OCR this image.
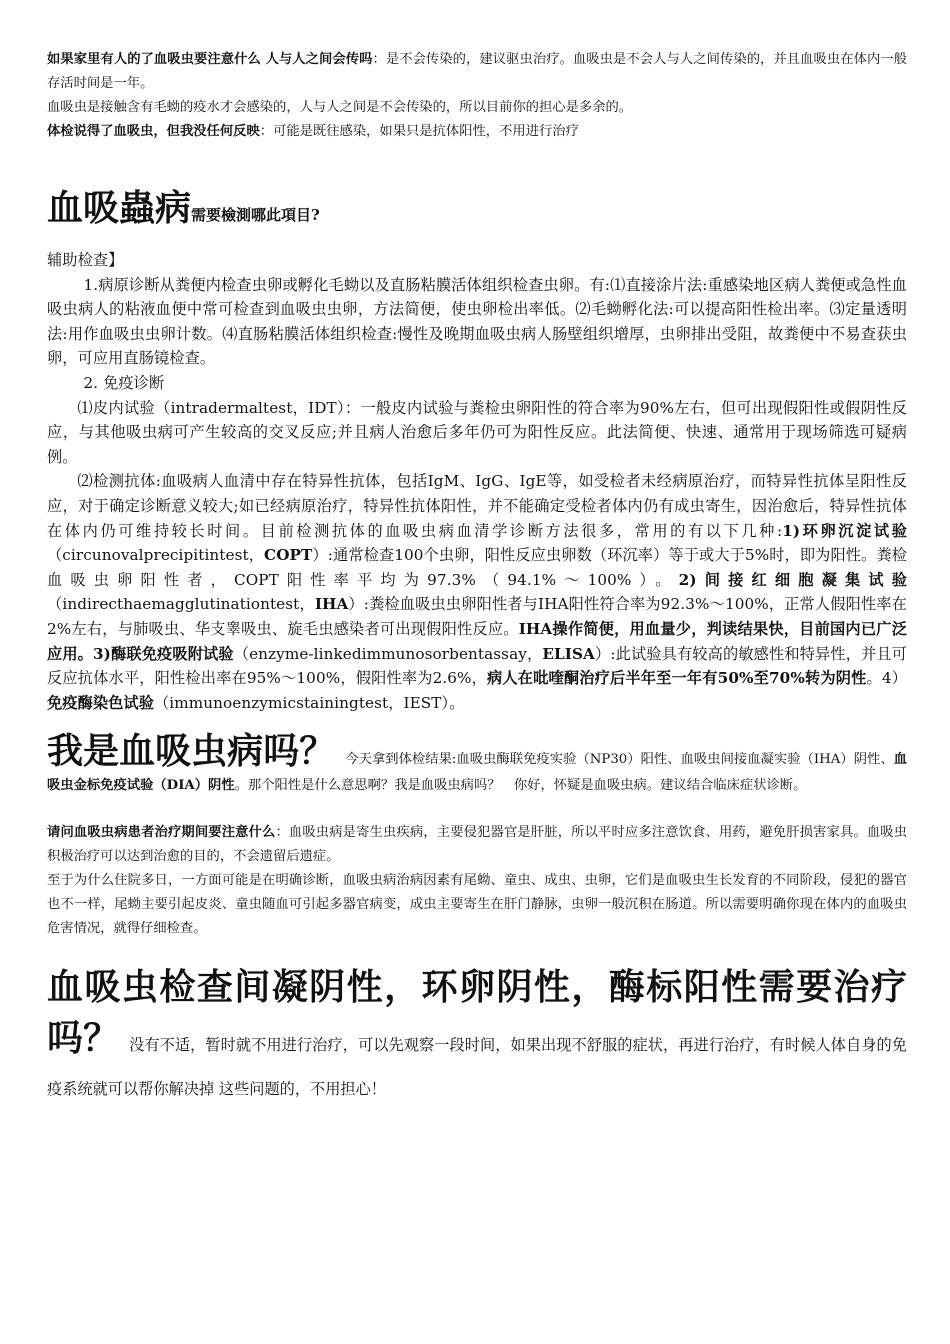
如果家里有人的了血吸虫要注意什么 人与人之间会传吗：是不会传染的，建议驱虫治疗。血吸虫是不会人与人之间传染的，并且血吸虫在体内一般存活时间是一年。

血吸虫是接触含有毛蚴的疫水才会感染的，人与人之间是不会传染的，所以目前你的担心是多余的。

体检说得了血吸虫，但我没任何反映：可能是既往感染，如果只是抗体阳性，不用进行治疗

血吸蟲病需要檢測哪此項目?

辅助检查】

1.病原诊断从粪便内检查虫卵或孵化毛蚴以及直肠粘膜活体组织检查虫卵。有:⑴直接涂片法:重感染地区病人粪便或急性血吸虫病人的粘液血便中常可检查到血吸虫虫卵，方法简便，使虫卵检出率低。⑵毛蚴孵化法:可以提高阳性检出率。⑶定量透明法:用作血吸虫虫卵计数。⑷直肠粘膜活体组织检查:慢性及晚期血吸虫病人肠壁组织增厚，虫卵排出受阻，故粪便中不易查获虫卵，可应用直肠镜检查。

2. 免疫诊断

⑴皮内试验（intradermaltest，IDT）：一般皮内试验与粪检虫卵阳性的符合率为90%左右，但可出现假阳性或假阴性反应，与其他吸虫病可产生较高的交叉反应;并且病人治愈后多年仍可为阳性反应。此法简便、快速、通常用于现场筛选可疑病例。

⑵检测抗体:血吸病人血清中存在特异性抗体，包括IgM、IgG、IgE等，如受检者未经病原治疗，而特异性抗体呈阳性反应，对于确定诊断意义较大;如已经病原治疗，特异性抗体阳性，并不能确定受检者体内仍有成虫寄生，因治愈后，特异性抗体在体内仍可维持较长时间。目前检测抗体的血吸虫病血清学诊断方法很多，常用的有以下几种:1)环卵沉淀试验（circunovalprecipitintest，COPT）:通常检查100个虫卵，阳性反应虫卵数（环沉率）等于或大于5%时，即为阳性。粪检血吸虫卵阳性者，COPT阳性率平均为97.3%（94.1%～100%）。2)间接红细胞凝集试验（indirecthaemagglutinationtest，IHA）:粪检血吸虫虫卵阳性者与IHA阳性符合率为92.3%～100%，正常人假阳性率在2%左右，与肺吸虫、华支睾吸虫、旋毛虫感染者可出现假阳性反应。IHA操作简便，用血量少，判读结果快，目前国内已广泛应用。3)酶联免疫吸附试验（enzyme-linkedimmunosorbentassay，ELISA）:此试验具有较高的敏感性和特异性，并且可反应抗体水平，阳性检出率在95%～100%，假阳性率为2.6%，病人在吡喹酮治疗后半年至一年有50%至70%转为阴性。4）免疫酶染色试验（immunoenzymicstainingtest，IEST）。

我是血吸虫病吗？ 今天拿到体检结果:血吸虫酶联免疫实验（NP30）阳性、血吸虫间接血凝实验（IHA）阴性、血吸虫金标免疫试验（DIA）阴性。那个阳性是什么意思啊？我是血吸虫病吗？　你好，怀疑是血吸虫病。建议结合临床症状诊断。

请问血吸虫病患者治疗期间要注意什么：血吸虫病是寄生虫疾病，主要侵犯器官是肝脏，所以平时应多注意饮食、用药，避免肝损害家具。血吸虫积极治疗可以达到治愈的目的，不会遗留后遗症。

至于为什么住院多日，一方面可能是在明确诊断，血吸虫病治病因素有尾蚴、童虫、成虫、虫卵，它们是血吸虫生长发育的不同阶段，侵犯的器官也不一样，尾蚴主要引起皮炎、童虫随血可引起多器官病变，成虫主要寄生在肝门静脉，虫卵一般沉积在肠道。所以需要明确你现在体内的血吸虫危害情况，就得仔细检查。

血吸虫检查间凝阴性，环卵阴性，酶标阳性需要治疗吗？ 没有不适，暂时就不用进行治疗，可以先观察一段时间，如果出现不舒服的症状，再进行治疗，有时候人体自身的免疫系统就可以帮你解决掉 这些问题的，不用担心！
